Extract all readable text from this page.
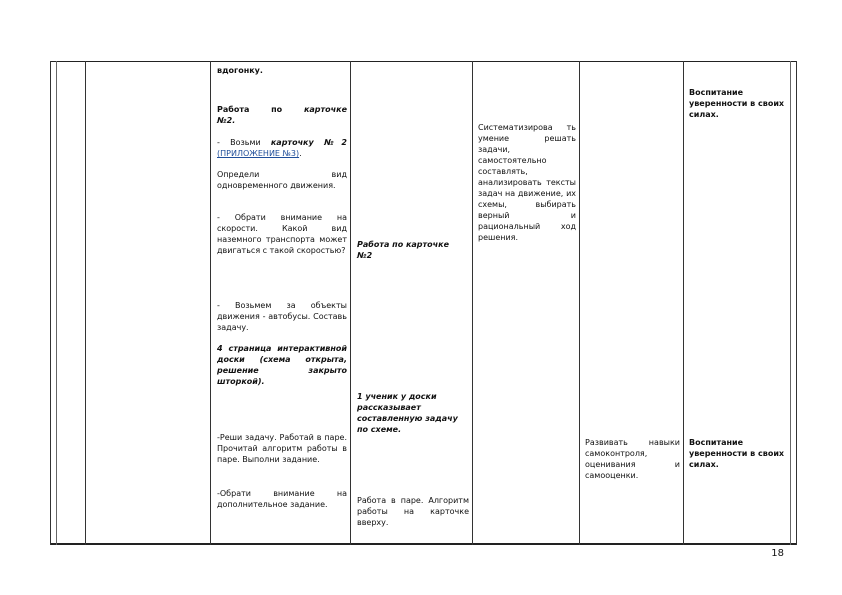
вдогонку.
Работа по карточке
№2.
- Возьми карточку №2
(ПРИЛОЖЕНИЕ №3).
Определи вид одновременного движения.
- Обрати внимание на скорости. Какой вид наземного транспорта может двигаться с такой скоростью?
- Возьмем за объекты движения - автобусы. Составь задачу.
4 страница интерактивной доски (схема открыта, решение закрыто шторкой).
-Реши задачу. Работай в паре. Прочитай алгоритм работы в паре. Выполни задание.
-Обрати внимание на дополнительное задание.
Работа по карточке №2
1 ученик у доски рассказывает составленную задачу по схеме.
Работа в паре. Алгоритм работы на карточке вверху.
Систематизирова ть умение решать задачи, самостоятельно составлять, анализировать тексты задач на движение, их схемы, выбирать верный и рациональный ход решения.
Развивать навыки самоконтроля, оценивания и самооценки.
Воспитание уверенности в своих силах.
Воспитание уверенности в своих силах.
18
